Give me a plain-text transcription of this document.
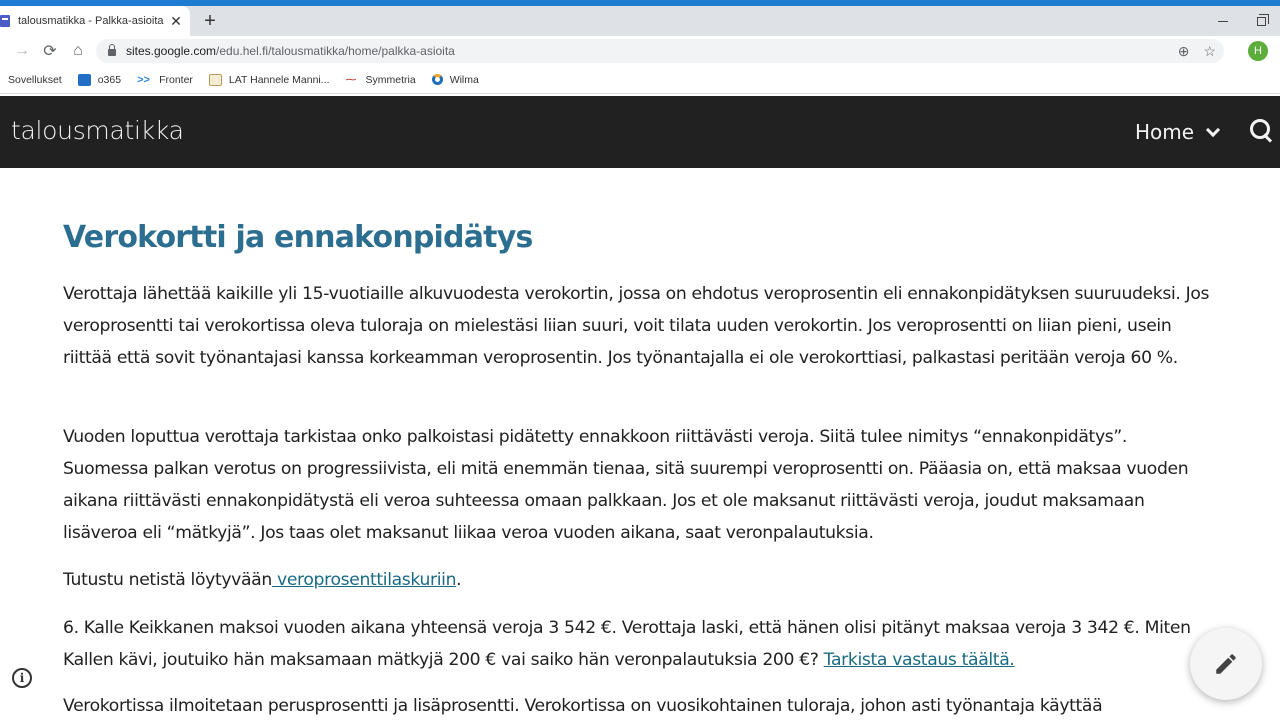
talousmatikka - Palkka-asioita ✕ +
→ ⟳	⌂	sites.google.com/edu.hel.fi/talousmatikka/home/palkka-asioita	⊕ ☆	H
Sovellukset	o365 >> Fronter	LAT Hannele Manni... ⁓ Symmetria	Wilma
talousmatikka	Home
Verokortti ja ennakonpidätys

Verottaja lähettää kaikille yli 15-vuotiaille alkuvuodesta verokortin, jossa on ehdotus veroprosentin eli ennakonpidätyksen suuruudeksi. Jos veroprosentti tai verokortissa oleva tuloraja on mielestäsi liian suuri, voit tilata uuden verokortin. Jos veroprosentti on liian pieni, usein riittää että sovit työnantajasi kanssa korkeamman veroprosentin. Jos työnantajalla ei ole verokorttiasi, palkastasi peritään veroja 60 %.

Vuoden loputtua verottaja tarkistaa onko palkoistasi pidätetty ennakkoon riittävästi veroja. Siitä tulee nimitys “ennakonpidätys”. Suomessa palkan verotus on progressiivista, eli mitä enemmän tienaa, sitä suurempi veroprosentti on. Pääasia on, että maksaa vuoden aikana riittävästi ennakonpidätystä eli veroa suhteessa omaan palkkaan. Jos et ole maksanut riittävästi veroja, joudut maksamaan lisäveroa eli “mätkyjä”. Jos taas olet maksanut liikaa veroa vuoden aikana, saat veronpalautuksia.

Tutustu netistä löytyvään veroprosenttilaskuriin.

6. Kalle Keikkanen maksoi vuoden aikana yhteensä veroja 3 542 €. Verottaja laski, että hänen olisi pitänyt maksaa veroja 3 342 €. Miten Kallen kävi, joutuiko hän maksamaan mätkyjä 200 € vai saiko hän veronpalautuksia 200 €? Tarkista vastaus täältä.

Verokortissa ilmoitetaan perusprosentti ja lisäprosentti. Verokortissa on vuosikohtainen tuloraja, johon asti työnantaja käyttää

i
